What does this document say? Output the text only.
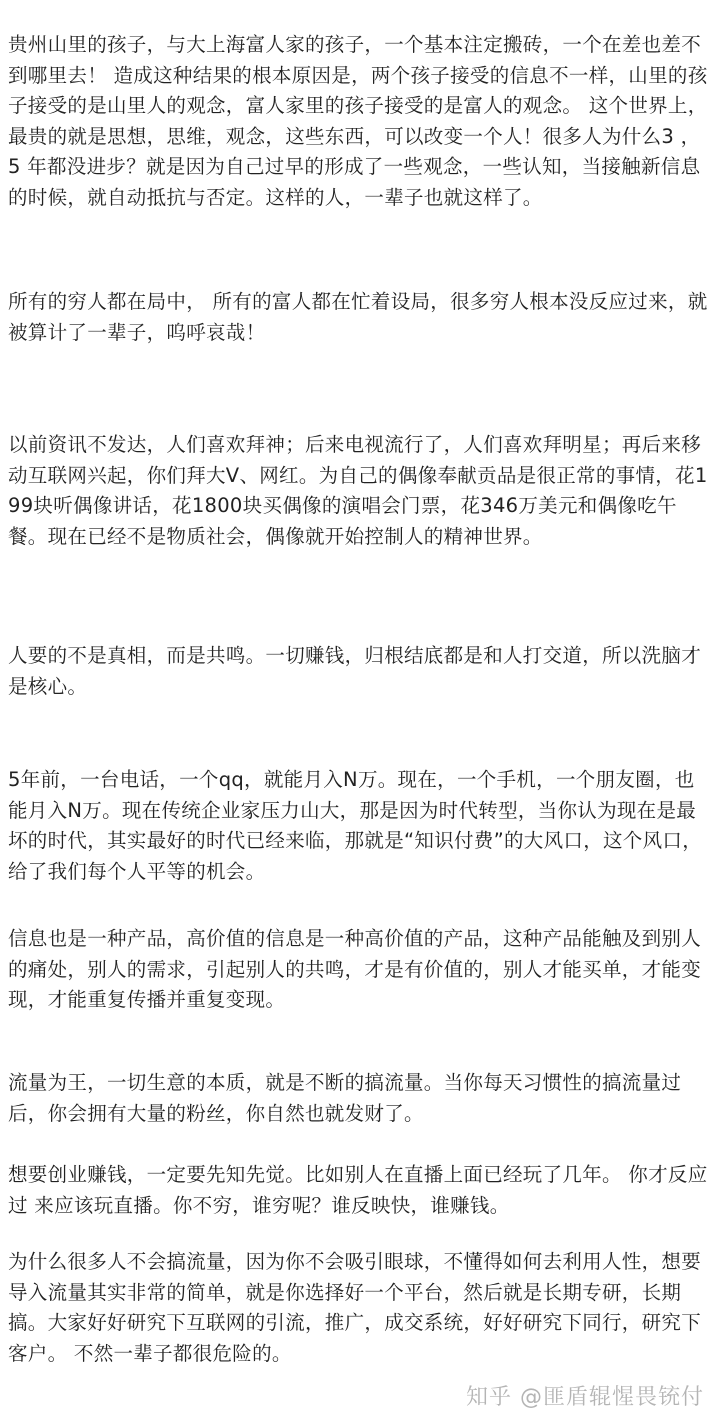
贵州山里的孩子，与大上海富人家的孩子，一个基本注定搬砖，一个在差也差不到哪里去！ 造成这种结果的根本原因是，两个孩子接受的信息不一样，山里的孩子接受的是山里人的观念，富人家里的孩子接受的是富人的观念。 这个世界上，最贵的就是思想，思维，观念，这些东西，可以改变一个人！很多人为什么3 ，5 年都没进步？就是因为自己过早的形成了一些观念，一些认知，当接触新信息的时候，就自动抵抗与否定。这样的人，一辈子也就这样了。

所有的穷人都在局中， 所有的富人都在忙着设局，很多穷人根本没反应过来，就被算计了一辈子，呜呼哀哉！

以前资讯不发达，人们喜欢拜神；后来电视流行了，人们喜欢拜明星；再后来移动互联网兴起，你们拜大V、网红。为自己的偶像奉献贡品是很正常的事情，花199块听偶像讲话，花1800块买偶像的演唱会门票，花346万美元和偶像吃午餐。现在已经不是物质社会，偶像就开始控制人的精神世界。

人要的不是真相，而是共鸣。一切赚钱，归根结底都是和人打交道，所以洗脑才是核心。

5年前，一台电话，一个qq，就能月入N万。现在，一个手机，一个朋友圈，也能月入N万。现在传统企业家压力山大，那是因为时代转型，当你认为现在是最坏的时代，其实最好的时代已经来临，那就是“知识付费”的大风口，这个风口，给了我们每个人平等的机会。

信息也是一种产品，高价值的信息是一种高价值的产品，这种产品能触及到别人的痛处，别人的需求，引起别人的共鸣，才是有价值的，别人才能买单，才能变现，才能重复传播并重复变现。

流量为王，一切生意的本质，就是不断的搞流量。当你每天习惯性的搞流量过后，你会拥有大量的粉丝，你自然也就发财了。

想要创业赚钱，一定要先知先觉。比如别人在直播上面已经玩了几年。 你才反应过 来应该玩直播。你不穷，谁穷呢？谁反映快，谁赚钱。

为什么很多人不会搞流量，因为你不会吸引眼球，不懂得如何去利用人性，想要导入流量其实非常的简单，就是你选择好一个平台，然后就是长期专研，长期搞。大家好好研究下互联网的引流，推广，成交系统，好好研究下同行，研究下客户。 不然一辈子都很危险的。

知乎 @匪盾辊惺畏铳付
